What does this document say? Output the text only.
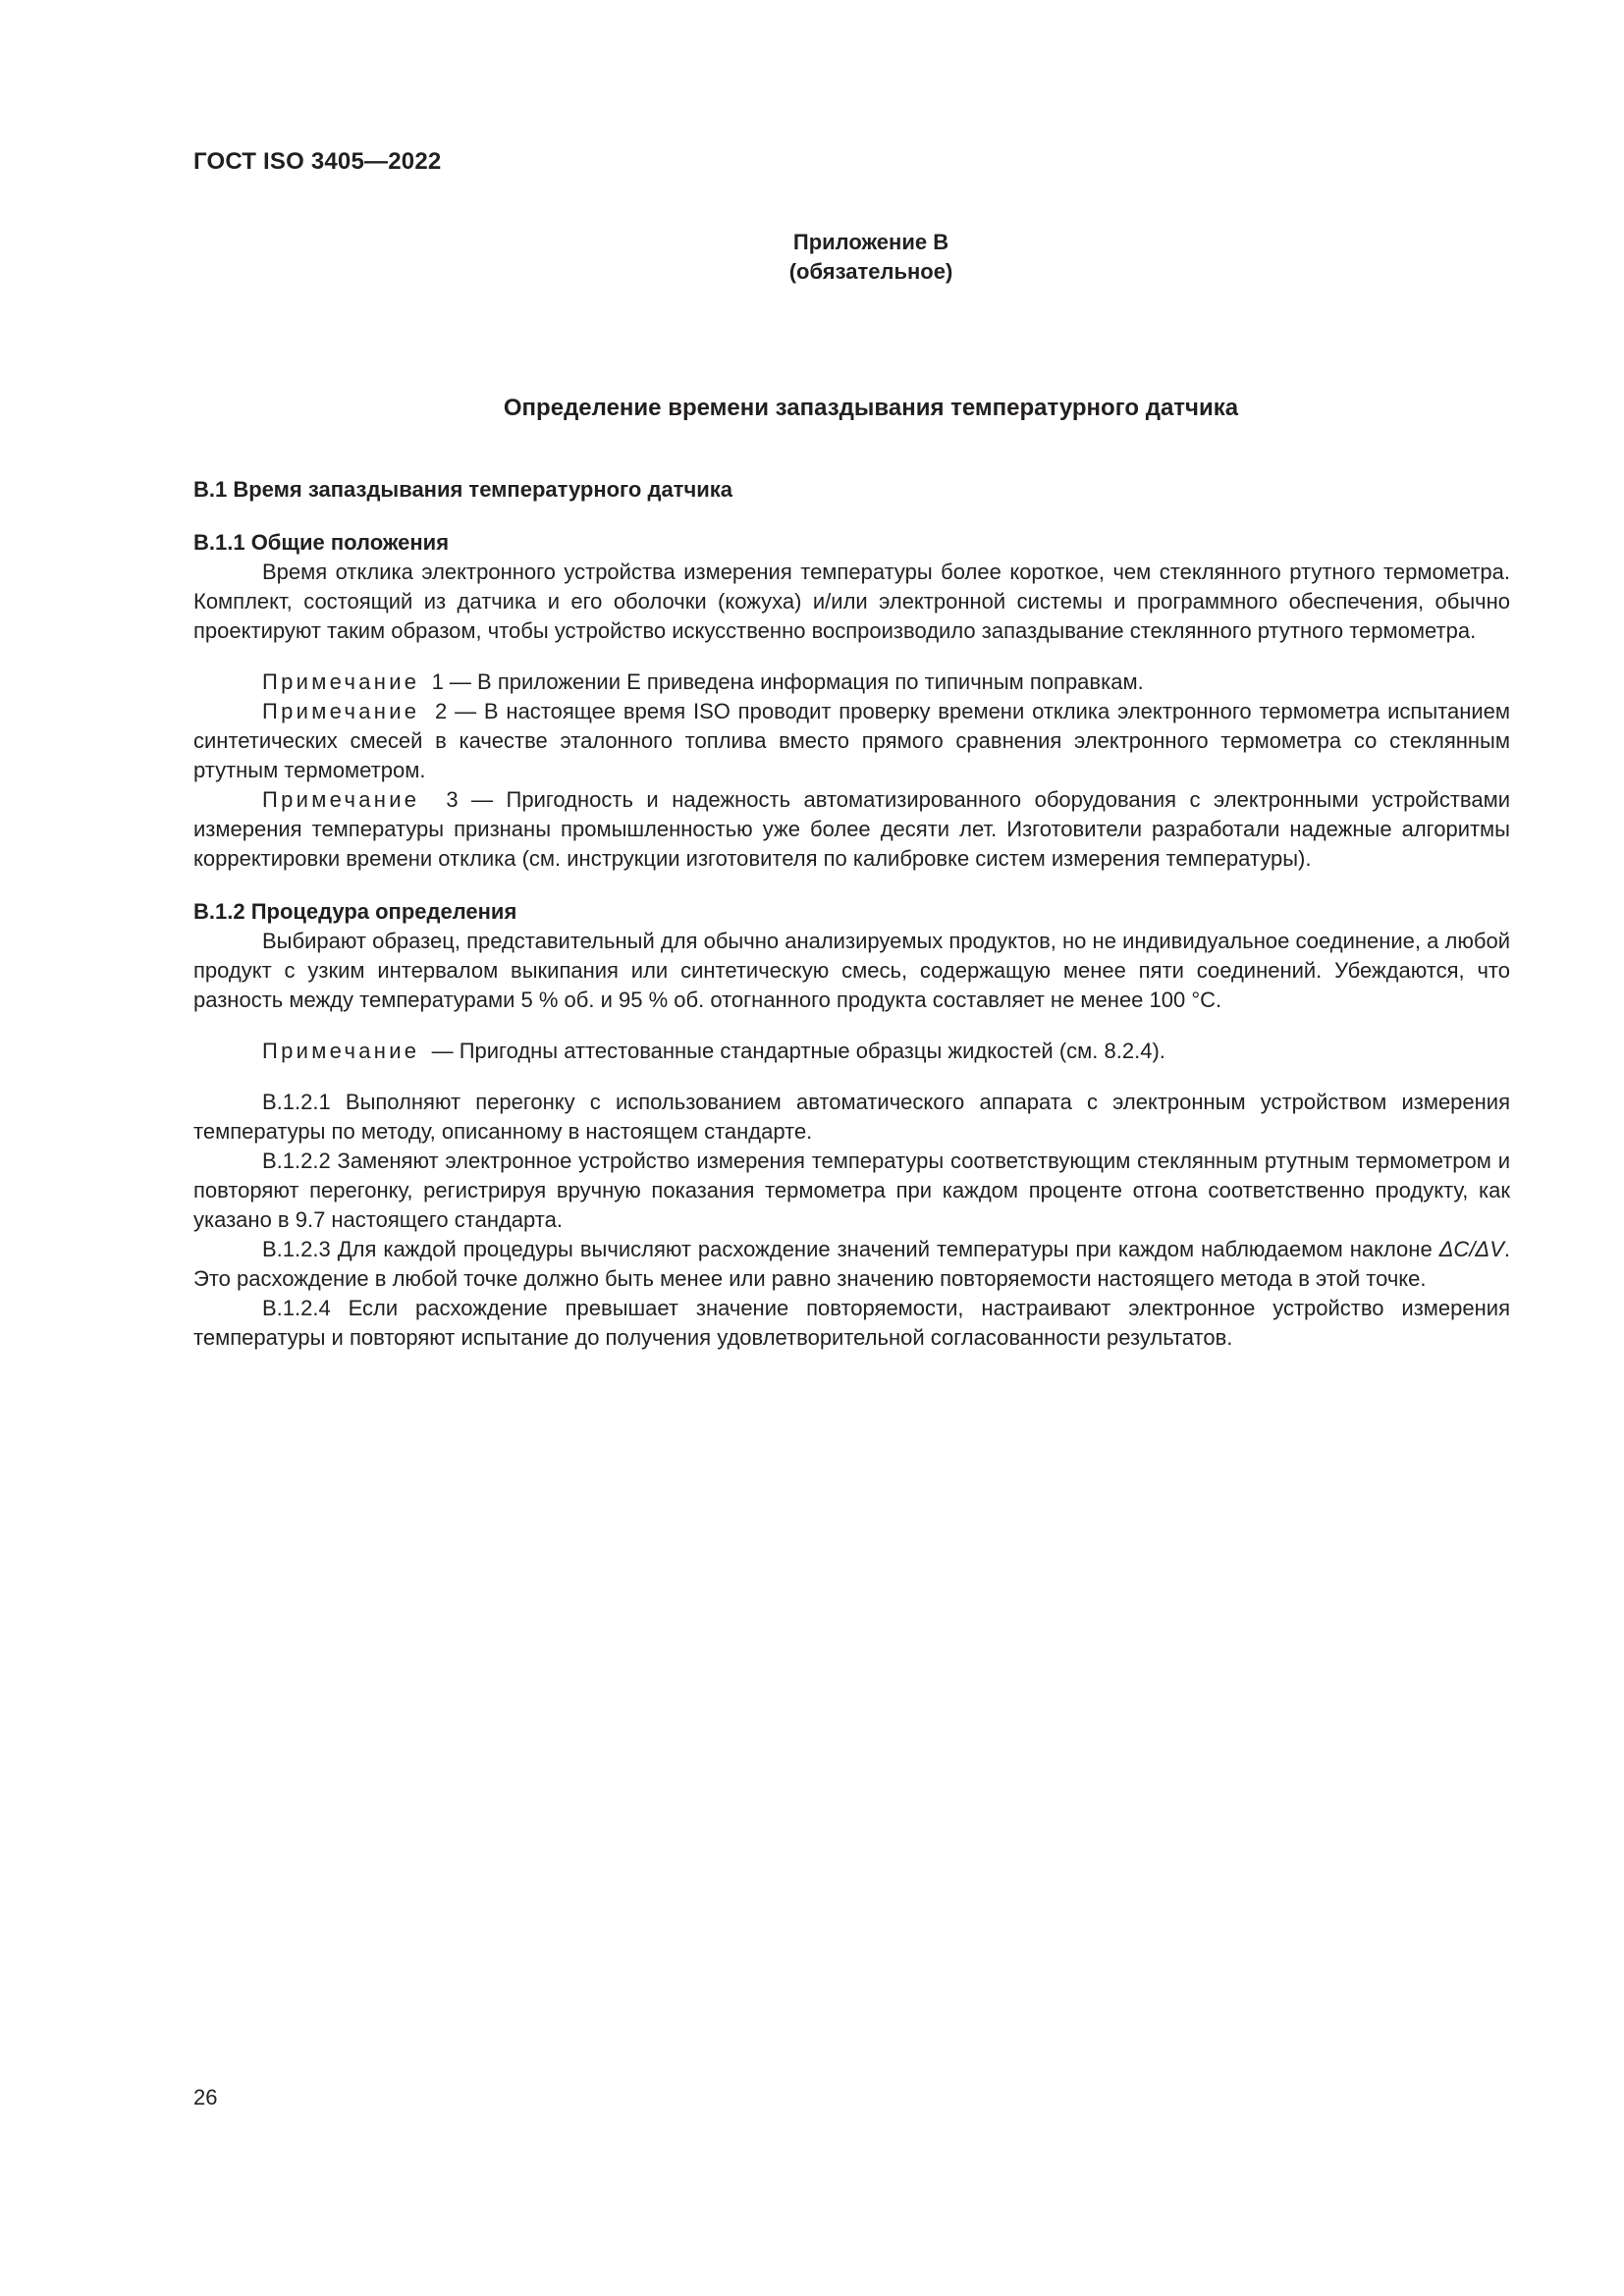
ГОСТ ISO 3405—2022
Приложение B
(обязательное)
Определение времени запаздывания температурного датчика

B.1 Время запаздывания температурного датчика

B.1.1 Общие положения

Время отклика электронного устройства измерения температуры более короткое, чем стеклянного ртутного термометра. Комплект, состоящий из датчика и его оболочки (кожуха) и/или электронной системы и программного обеспечения, обычно проектируют таким образом, чтобы устройство искусственно воспроизводило запаздывание стеклянного ртутного термометра.

Примечание 1 — В приложении E приведена информация по типичным поправкам.

Примечание 2 — В настоящее время ISO проводит проверку времени отклика электронного термометра испытанием синтетических смесей в качестве эталонного топлива вместо прямого сравнения электронного термометра со стеклянным ртутным термометром.

Примечание 3 — Пригодность и надежность автоматизированного оборудования с электронными устройствами измерения температуры признаны промышленностью уже более десяти лет. Изготовители разработали надежные алгоритмы корректировки времени отклика (см. инструкции изготовителя по калибровке систем измерения температуры).

B.1.2 Процедура определения

Выбирают образец, представительный для обычно анализируемых продуктов, но не индивидуальное соединение, а любой продукт с узким интервалом выкипания или синтетическую смесь, содержащую менее пяти соединений. Убеждаются, что разность между температурами 5 % об. и 95 % об. отогнанного продукта составляет не менее 100 °С.

Примечание — Пригодны аттестованные стандартные образцы жидкостей (см. 8.2.4).

B.1.2.1 Выполняют перегонку с использованием автоматического аппарата с электронным устройством измерения температуры по методу, описанному в настоящем стандарте.

B.1.2.2 Заменяют электронное устройство измерения температуры соответствующим стеклянным ртутным термометром и повторяют перегонку, регистрируя вручную показания термометра при каждом проценте отгона соответственно продукту, как указано в 9.7 настоящего стандарта.

B.1.2.3 Для каждой процедуры вычисляют расхождение значений температуры при каждом наблюдаемом наклоне ΔC/ΔV. Это расхождение в любой точке должно быть менее или равно значению повторяемости настоящего метода в этой точке.

B.1.2.4 Если расхождение превышает значение повторяемости, настраивают электронное устройство измерения температуры и повторяют испытание до получения удовлетворительной согласованности результатов.

26
